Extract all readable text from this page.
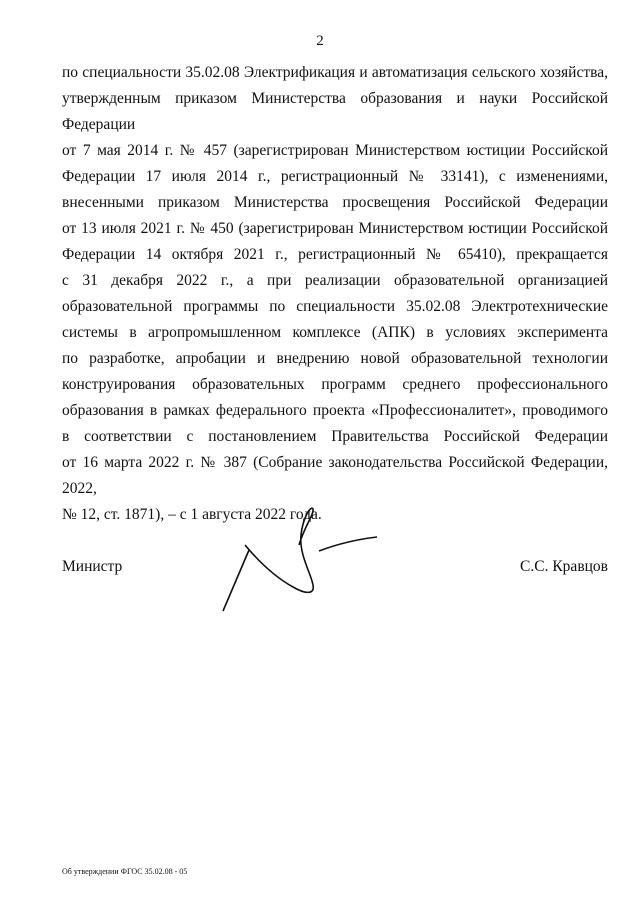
2
по специальности 35.02.08 Электрификация и автоматизация сельского хозяйства,
утвержденным приказом Министерства образования и науки Российской Федерации
от 7 мая 2014 г. № 457 (зарегистрирован Министерством юстиции Российской
Федерации 17 июля 2014 г., регистрационный № 33141), с изменениями,
внесенными приказом Министерства просвещения Российской Федерации
от 13 июля 2021 г. № 450 (зарегистрирован Министерством юстиции Российской
Федерации 14 октября 2021 г., регистрационный № 65410), прекращается
с 31 декабря 2022 г., а при реализации образовательной организацией
образовательной программы по специальности 35.02.08 Электротехнические
системы в агропромышленном комплексе (АПК) в условиях эксперимента
по разработке, апробации и внедрению новой образовательной технологии
конструирования образовательных программ среднего профессионального
образования в рамках федерального проекта «Профессионалитет», проводимого
в соответствии с постановлением Правительства Российской Федерации
от 16 марта 2022 г. № 387 (Собрание законодательства Российской Федерации, 2022,
№ 12, ст. 1871), – с 1 августа 2022 года.
Министр	С.С. Кравцов
Об утверждении ФГОС 35.02.08 - 05
